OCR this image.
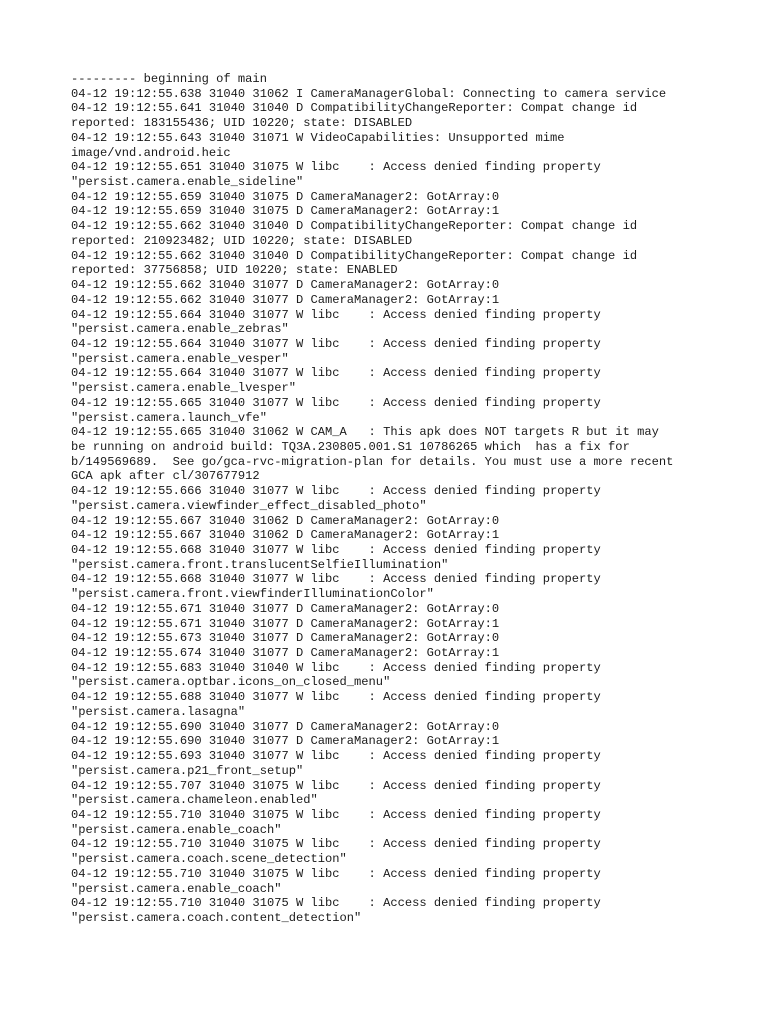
--------- beginning of main
04-12 19:12:55.638 31040 31062 I CameraManagerGlobal: Connecting to camera service
04-12 19:12:55.641 31040 31040 D CompatibilityChangeReporter: Compat change id
reported: 183155436; UID 10220; state: DISABLED
04-12 19:12:55.643 31040 31071 W VideoCapabilities: Unsupported mime
image/vnd.android.heic
04-12 19:12:55.651 31040 31075 W libc    : Access denied finding property
"persist.camera.enable_sideline"
04-12 19:12:55.659 31040 31075 D CameraManager2: GotArray:0
04-12 19:12:55.659 31040 31075 D CameraManager2: GotArray:1
04-12 19:12:55.662 31040 31040 D CompatibilityChangeReporter: Compat change id
reported: 210923482; UID 10220; state: DISABLED
04-12 19:12:55.662 31040 31040 D CompatibilityChangeReporter: Compat change id
reported: 37756858; UID 10220; state: ENABLED
04-12 19:12:55.662 31040 31077 D CameraManager2: GotArray:0
04-12 19:12:55.662 31040 31077 D CameraManager2: GotArray:1
04-12 19:12:55.664 31040 31077 W libc    : Access denied finding property
"persist.camera.enable_zebras"
04-12 19:12:55.664 31040 31077 W libc    : Access denied finding property
"persist.camera.enable_vesper"
04-12 19:12:55.664 31040 31077 W libc    : Access denied finding property
"persist.camera.enable_lvesper"
04-12 19:12:55.665 31040 31077 W libc    : Access denied finding property
"persist.camera.launch_vfe"
04-12 19:12:55.665 31040 31062 W CAM_A   : This apk does NOT targets R but it may
be running on android build: TQ3A.230805.001.S1 10786265 which  has a fix for
b/149569689.  See go/gca-rvc-migration-plan for details. You must use a more recent
GCA apk after cl/307677912
04-12 19:12:55.666 31040 31077 W libc    : Access denied finding property
"persist.camera.viewfinder_effect_disabled_photo"
04-12 19:12:55.667 31040 31062 D CameraManager2: GotArray:0
04-12 19:12:55.667 31040 31062 D CameraManager2: GotArray:1
04-12 19:12:55.668 31040 31077 W libc    : Access denied finding property
"persist.camera.front.translucentSelfieIllumination"
04-12 19:12:55.668 31040 31077 W libc    : Access denied finding property
"persist.camera.front.viewfinderIlluminationColor"
04-12 19:12:55.671 31040 31077 D CameraManager2: GotArray:0
04-12 19:12:55.671 31040 31077 D CameraManager2: GotArray:1
04-12 19:12:55.673 31040 31077 D CameraManager2: GotArray:0
04-12 19:12:55.674 31040 31077 D CameraManager2: GotArray:1
04-12 19:12:55.683 31040 31040 W libc    : Access denied finding property
"persist.camera.optbar.icons_on_closed_menu"
04-12 19:12:55.688 31040 31077 W libc    : Access denied finding property
"persist.camera.lasagna"
04-12 19:12:55.690 31040 31077 D CameraManager2: GotArray:0
04-12 19:12:55.690 31040 31077 D CameraManager2: GotArray:1
04-12 19:12:55.693 31040 31077 W libc    : Access denied finding property
"persist.camera.p21_front_setup"
04-12 19:12:55.707 31040 31075 W libc    : Access denied finding property
"persist.camera.chameleon.enabled"
04-12 19:12:55.710 31040 31075 W libc    : Access denied finding property
"persist.camera.enable_coach"
04-12 19:12:55.710 31040 31075 W libc    : Access denied finding property
"persist.camera.coach.scene_detection"
04-12 19:12:55.710 31040 31075 W libc    : Access denied finding property
"persist.camera.enable_coach"
04-12 19:12:55.710 31040 31075 W libc    : Access denied finding property
"persist.camera.coach.content_detection"
